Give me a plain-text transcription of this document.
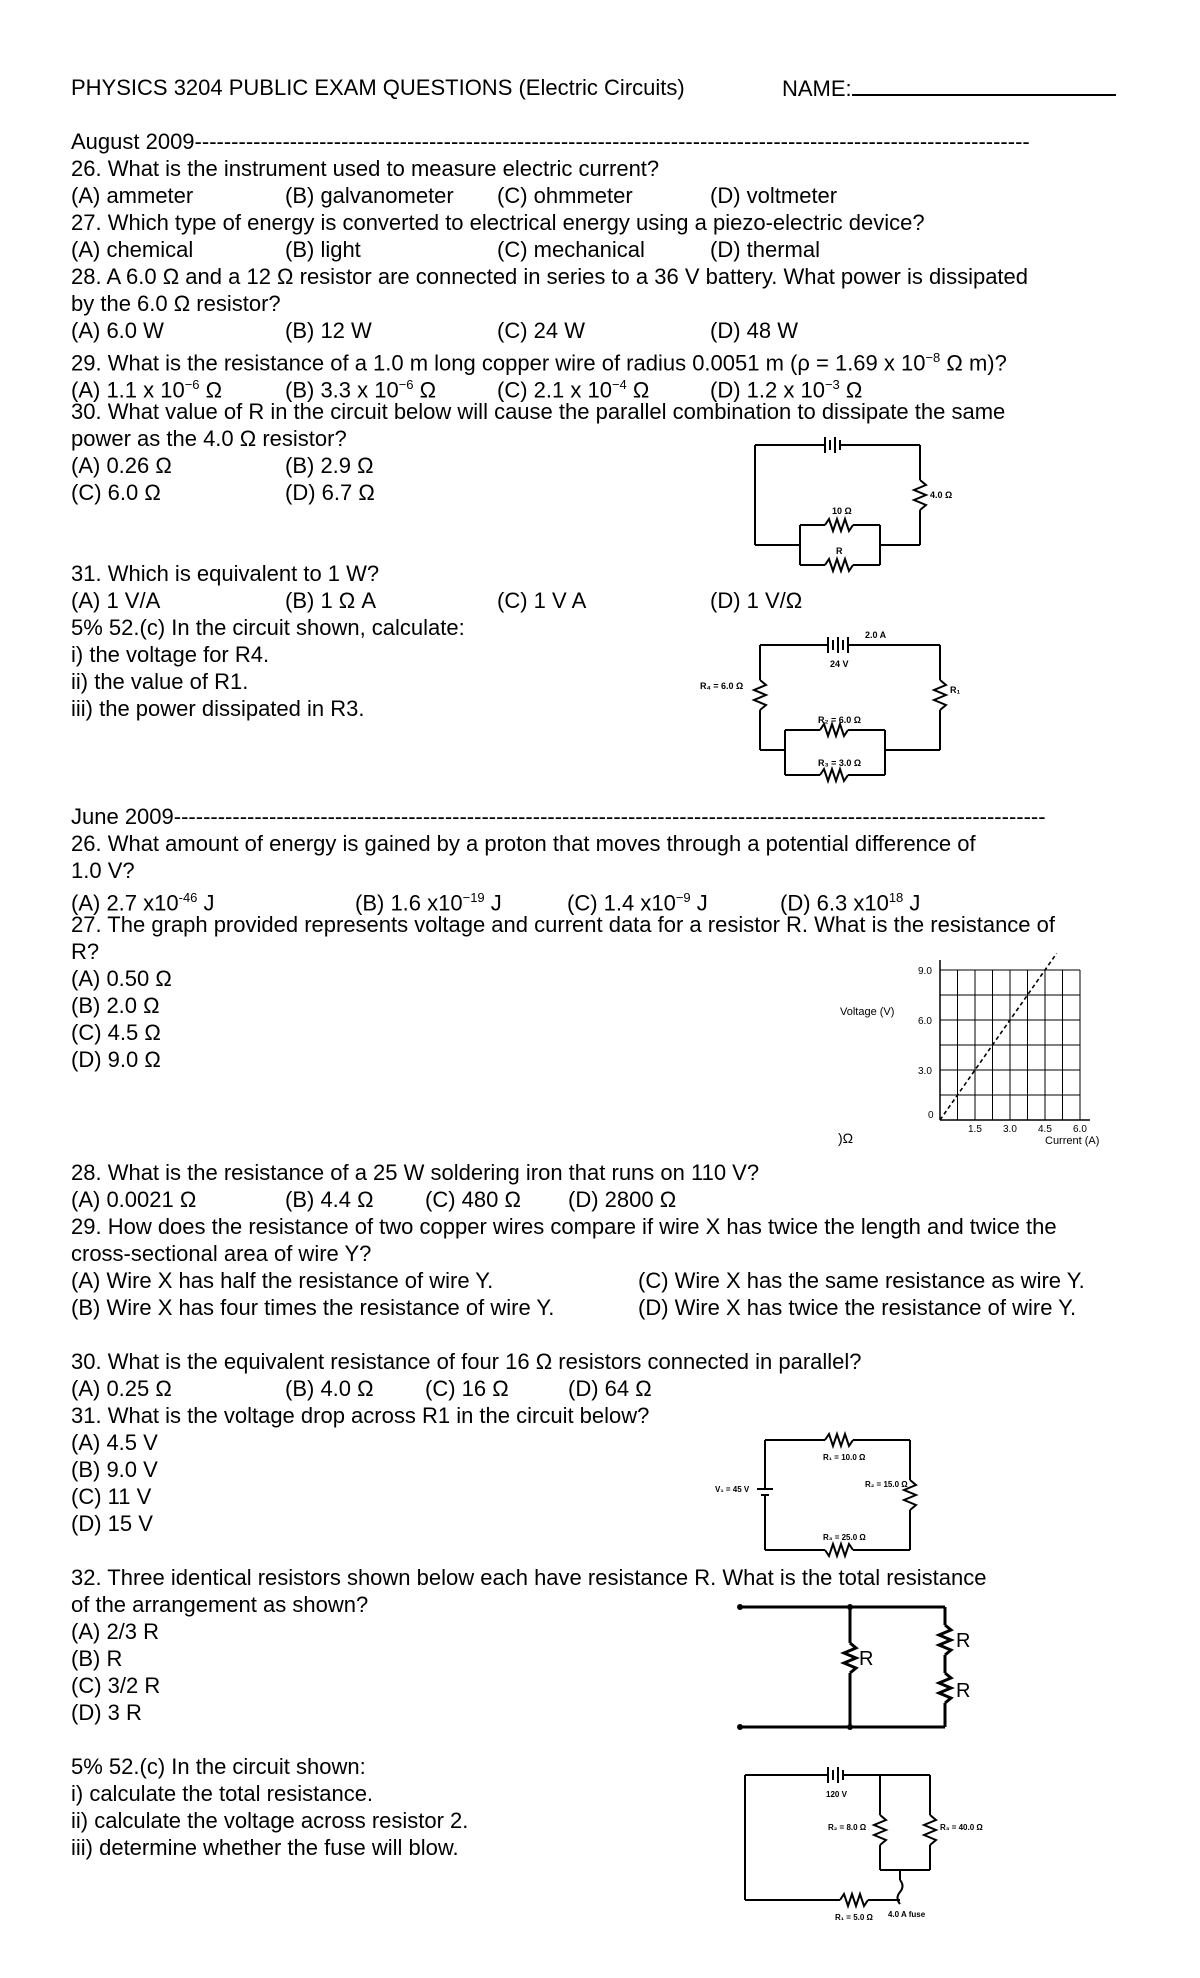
PHYSICS 3204 PUBLIC EXAM QUESTIONS (Electric Circuits)	NAME:
August 2009------------------------------------------------------------------------------------------------------------------
26. What is the instrument used to measure electric current?
(A) ammeter	(B) galvanometer (C) ohmmeter	(D) voltmeter
27. Which type of energy is converted to electrical energy using a piezo-electric device?
(A) chemical	(B) light	(C) mechanical	(D) thermal
28. A 6.0 Ω and a 12 Ω resistor are connected in series to a 36 V battery. What power is dissipated
by the 6.0 Ω resistor?
(A) 6.0 W	(B) 12 W	(C) 24 W	(D) 48 W
29. What is the resistance of a 1.0 m long copper wire of radius 0.0051 m (ρ = 1.69 x $10^{-8}$ Ω m)?
(A) 1.1 x $10^{-6}$ Ω	(B) 3.3 x $10^{-6}$ Ω	(C) 2.1 x $10^{-4}$ Ω	(D) 1.2 x $10^{-3}$ Ω
30. What value of R in the circuit below will cause the parallel combination to dissipate the same
power as the 4.0 Ω resistor?
(A) 0.26 Ω	(B) 2.9 Ω
(C) 6.0 Ω	(D) 6.7 Ω
10 Ω
R
4.0 Ω
31. Which is equivalent to 1 W?
(A) 1 V/A	(B) 1 Ω A	(C) 1 V A	(D) 1 V/Ω
5% 52.(c) In the circuit shown, calculate:
i) the voltage for R4.
ii) the value of R1.
iii) the power dissipated in R3.
2.0 A
24 V
R₄ = 6.0 Ω
R₂ = 6.0 Ω
R₃ = 3.0 Ω
R₁
June 2009-----------------------------------------------------------------------------------------------------------------------
26. What amount of energy is gained by a proton that moves through a potential difference of
1.0 V?
(A) 2.7 $x10^{-46}$ J	(B) 1.6 $x10^{-19}$ J	(C) 1.4 $x10^{-9}$ J	(D) 6.3 $x10^{18}$ J
27. The graph provided represents voltage and current data for a resistor R. What is the resistance of
R?
(A) 0.50 Ω
(B) 2.0 Ω
(C) 4.5 Ω
(D) 9.0 Ω
)Ω
0
1.5 3.0 4.5 6.0
3.0
6.0
9.0
Voltage (V)
Current (A)
28. What is the resistance of a 25 W soldering iron that runs on 110 V?
(A) 0.0021 Ω	(B) 4.4 Ω (C) 480 Ω (D) 2800 Ω
29. How does the resistance of two copper wires compare if wire X has twice the length and twice the
cross-sectional area of wire Y?
(A) Wire X has half the resistance of wire Y.
(B) Wire X has four times the resistance of wire Y.
(C) Wire X has the same resistance as wire Y.
(D) Wire X has twice the resistance of wire Y.
30. What is the equivalent resistance of four 16 Ω resistors connected in parallel?
(A) 0.25 Ω	(B) 4.0 Ω (C) 16 Ω	(D) 64 Ω
31. What is the voltage drop across R1 in the circuit below?
(A) 4.5 V
(B) 9.0 V
(C) 11 V
(D) 15 V
V₁ = 45 V
R₁ = 10.0 Ω
R₂ = 15.0 Ω
R₃ = 25.0 Ω
32. Three identical resistors shown below each have resistance R. What is the total resistance
of the arrangement as shown?
(A) 2/3 R
(B) R
(C) 3/2 R
(D) 3 R
R
R
R
5% 52.(c) In the circuit shown:
i) calculate the total resistance.
ii) calculate the voltage across resistor 2.
iii) determine whether the fuse will blow.
120 V
R₂ = 8.0 Ω	R₃ = 40.0 Ω
R₁ = 5.0 Ω 4.0 A fuse
